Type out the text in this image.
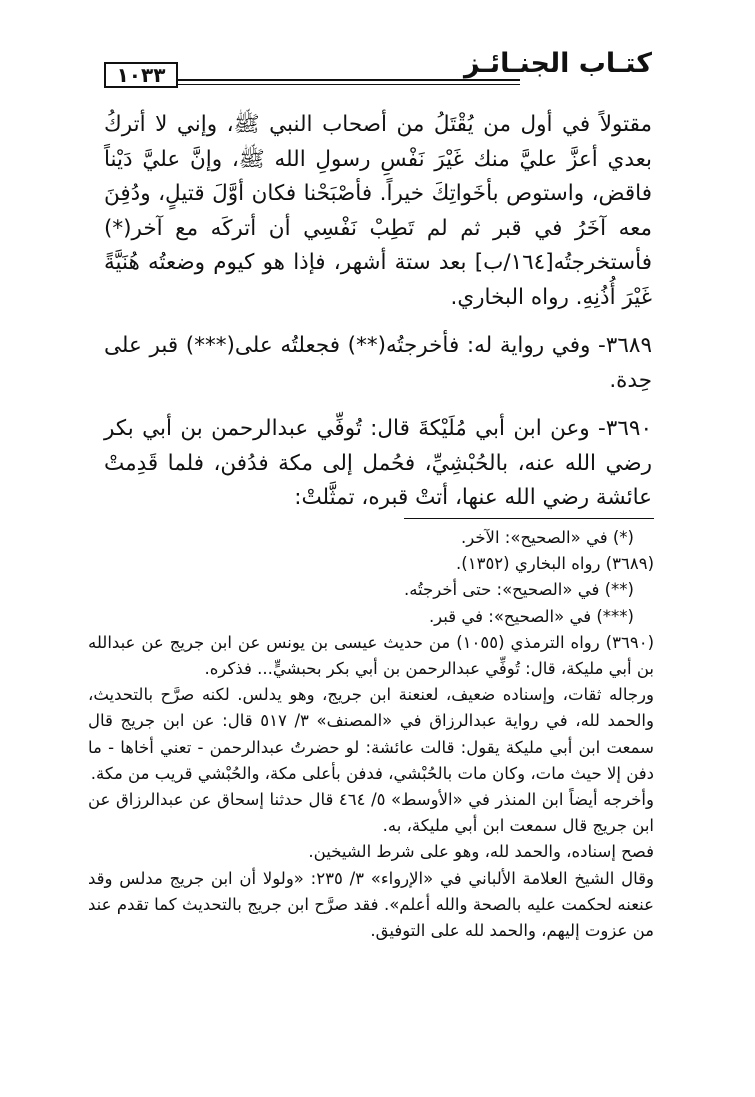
١٠٣٣	كتـاب الجنـائـز

مقتولاً في أول من يُقْتَلُ من أصحاب النبي ﷺ، وإني لا أتركُ بعدي أعزَّ عليَّ منك غَيْرَ نَفْسِ رسولِ الله ﷺ، وإنَّ عليَّ دَيْناً فاقض، واستوص بأخَواتِكَ خيراً. فأصْبَحْنا فكان أوَّلَ قتيلٍ، ودُفِنَ معه آخَرُ في قبر ثم لم تَطِبْ نَفْسِي أن أتركَه مع آخر(*) فأستخرجتُه[١٦٤/ب] بعد ستة أشهر، فإذا هو كيوم وضعتُه هُنَيَّةً غَيْرَ أُذُنِهِ. رواه البخاري.

٣٦٨٩- وفي رواية له: فأخرجتُه(**) فجعلتُه على(***) قبر على حِدة.

٣٦٩٠- وعن ابن أبي مُلَيْكةَ قال: تُوفِّي عبدالرحمن بن أبي بكر رضي الله عنه، بالحُبْشِيِّ، فحُمل إلى مكة فدُفن، فلما قَدِمتْ عائشة رضي الله عنها، أتتْ قبره، تمثَّلتْ:

(*) في «الصحيح»: الآخر.

(٣٦٨٩) رواه البخاري (١٣٥٢).

(**) في «الصحيح»: حتى أخرجتُه.

(***) في «الصحيح»: في قبر.

(٣٦٩٠) رواه الترمذي (١٠٥٥) من حديث عيسى بن يونس عن ابن جريج عن عبدالله بن أبي مليكة، قال: تُوفِّي عبدالرحمن بن أبي بكر بحبشيٍّ... فذكره.

ورجاله ثقات، وإسناده ضعيف، لعنعنة ابن جريج، وهو يدلس. لكنه صرَّح بالتحديث، والحمد لله، في رواية عبدالرزاق في «المصنف» ٣/ ٥١٧ قال: عن ابن جريج قال سمعت ابن أبي مليكة يقول: قالت عائشة: لو حضرتُ عبدالرحمن - تعني أخاها - ما دفن إلا حيث مات، وكان مات بالحُبْشي، فدفن بأعلى مكة، والحُبْشي قريب من مكة.

وأخرجه أيضاً ابن المنذر في «الأوسط» ٥/ ٤٦٤ قال حدثنا إسحاق عن عبدالرزاق عن ابن جريج قال سمعت ابن أبي مليكة، به.

فصح إسناده، والحمد لله، وهو على شرط الشيخين.

وقال الشيخ العلامة الألباني في «الإرواء» ٣/ ٢٣٥: «ولولا أن ابن جريج مدلس وقد عنعنه لحكمت عليه بالصحة والله أعلم». فقد صرَّح ابن جريج بالتحديث كما تقدم عند من عزوت إليهم، والحمد لله على التوفيق.
